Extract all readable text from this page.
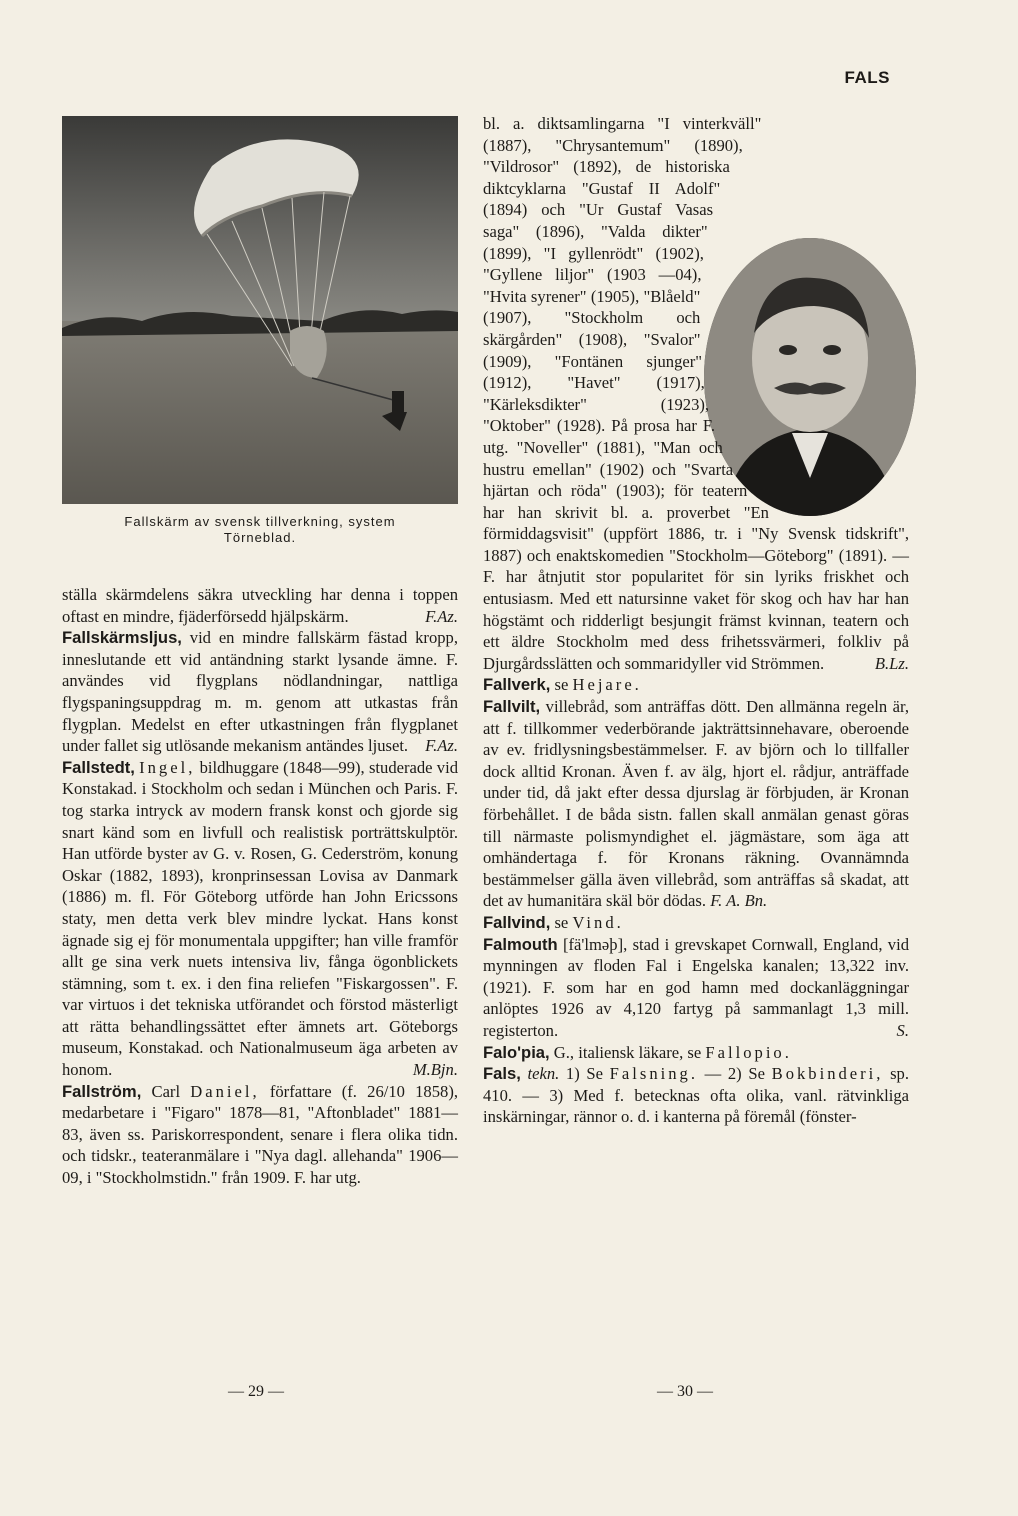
FALS
Fallskärm av svensk tillverkning, system
Törneblad.

ställa skärmdelens säkra utveckling har denna i toppen oftast en mindre, fjäderförsedd hjälpskärm.	F.Az.

Fallskärmsljus, vid en mindre fallskärm fästad kropp, inneslutande ett vid antändning starkt lysande ämne. F. användes vid flygplans nödlandningar, nattliga flygspaningsuppdrag m. m. genom att utkastas från flygplan. Medelst en efter utkastningen från flygplanet under fallet sig utlösande mekanism antändes ljuset. F.Az.

Fallstedt, Ingel, bildhuggare (1848—99), studerade vid Konstakad. i Stockholm och sedan i München och Paris. F. tog starka intryck av modern fransk konst och gjorde sig snart känd som en livfull och realistisk porträttskulptör. Han utförde byster av G. v. Rosen, G. Cederström, konung Oskar (1882, 1893), kronprinsessan Lovisa av Danmark (1886) m. fl. För Göteborg utförde han John Ericssons staty, men detta verk blev mindre lyckat. Hans konst ägnade sig ej för monumentala uppgifter; han ville framför allt ge sina verk nuets intensiva liv, fånga ögonblickets stämning, som t. ex. i den fina reliefen "Fiskargossen". F. var virtuos i det tekniska utförandet och förstod mästerligt att rätta behandlingssättet efter ämnets art. Göteborgs museum, Konstakad. och Nationalmuseum äga arbeten av honom.	M.Bjn.

Fallström, Carl Daniel, författare (f. 26/10 1858), medarbetare i "Figaro" 1878—81, "Aftonbladet" 1881—83, även ss. Pariskorrespondent, senare i flera olika tidn. och tidskr., teateranmälare i "Nya dagl. allehanda" 1906—09, i "Stockholmstidn." från 1909. F. har utg.

bl. a. diktsamlingarna "I vinterkväll" (1887), "Chrysantemum" (1890), "Vildrosor" (1892), de historiska diktcyklarna "Gustaf II Adolf" (1894) och "Ur Gustaf Vasas saga" (1896), "Valda dikter" (1899), "I gyllenrödt" (1902), "Gyllene liljor" (1903 —04), "Hvita syrener" (1905), "Blåeld" (1907), "Stockholm och skärgården" (1908), "Svalor" (1909), "Fontänen sjunger" (1912), "Havet" (1917), "Kärleksdikter" (1923), "Oktober" (1928). På prosa har F. utg. "Noveller" (1881), "Man och hustru emellan" (1902) och "Svarta hjärtan och röda" (1903); för teatern har han skrivit bl. a. proverbet "En förmiddagsvisit" (uppfört 1886, tr. i "Ny Svensk tidskrift", 1887) och enaktskomedien "Stockholm—Göteborg" (1891). — F. har åtnjutit stor popularitet för sin lyriks friskhet och entusiasm. Med ett natursinne vaket för skog och hav har han högstämt och ridderligt besjungit främst kvinnan, teatern och ett äldre Stockholm med dess frihetssvärmeri, folkliv på Djurgårdsslätten och sommaridyller vid Strömmen.	B.Lz.

Fallverk, se Hejare.

Fallvilt, villebråd, som anträffas dött. Den allmänna regeln är, att f. tillkommer vederbörande jakträttsinnehavare, oberoende av ev. fridlysningsbestämmelser. F. av björn och lo tillfaller dock alltid Kronan. Även f. av älg, hjort el. rådjur, anträffade under tid, då jakt efter dessa djurslag är förbjuden, är Kronan förbehållet. I de båda sistn. fallen skall anmälan genast göras till närmaste polismyndighet el. jägmästare, som äga att omhändertaga f. för Kronans räkning. Ovannämnda bestämmelser gälla även villebråd, som anträffas så skadat, att det av humanitära skäl bör dödas. F. A. Bn.

Fallvind, se Vind.

Falmouth [fä'lməþ], stad i grevskapet Cornwall, England, vid mynningen av floden Fal i Engelska kanalen; 13,322 inv. (1921). F. som har en god hamn med dockanläggningar anlöptes 1926 av 4,120 fartyg på sammanlagt 1,3 mill. registerton.	S.

Falo'pia, G., italiensk läkare, se Fallopio.

Fals, tekn. 1) Se Falsning. — 2) Se Bokbinderi, sp. 410. — 3) Med f. betecknas ofta olika, vanl. rätvinkliga inskärningar, rännor o. d. i kanterna på föremål (fönster-

— 29 —	— 30 —
